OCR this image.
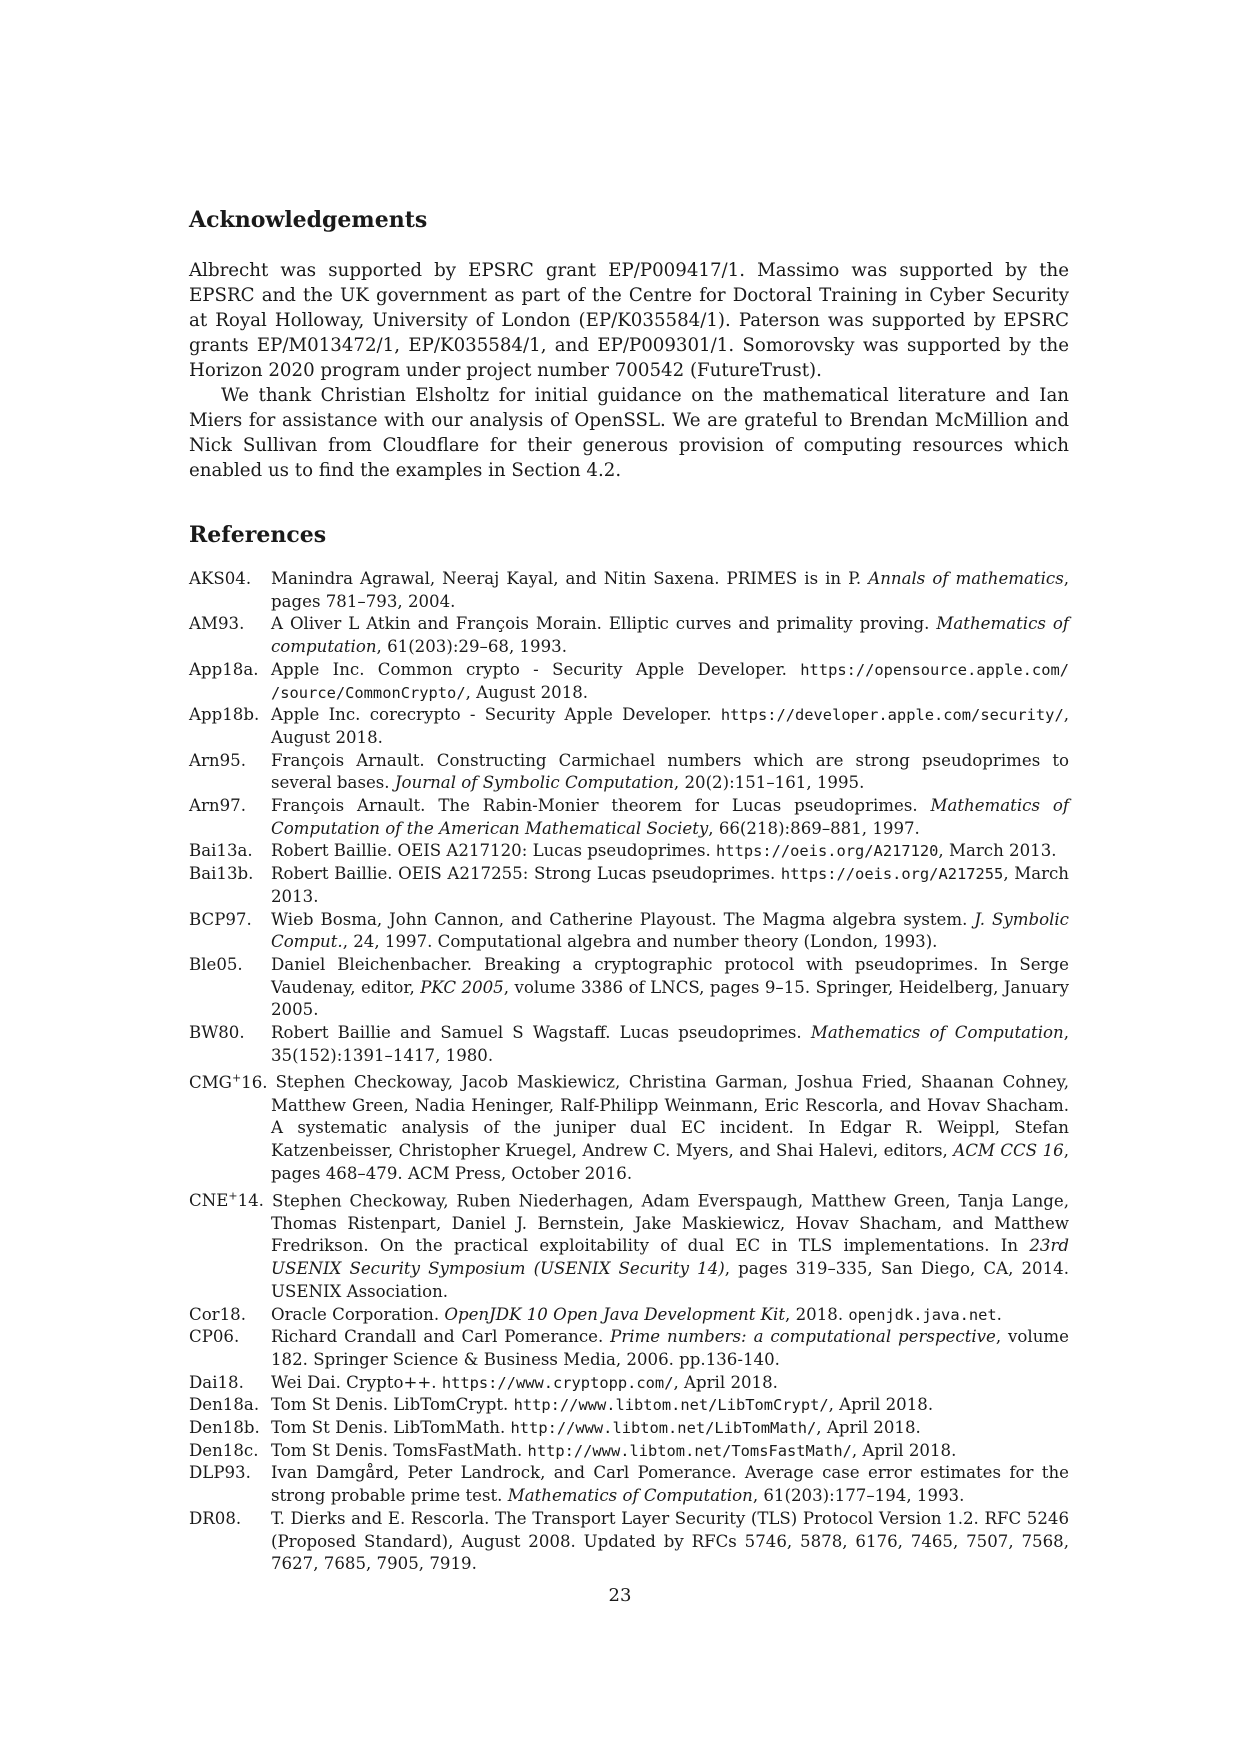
Acknowledgements

Albrecht was supported by EPSRC grant EP/P009417/1. Massimo was supported by the EPSRC and the UK government as part of the Centre for Doctoral Training in Cyber Security at Royal Holloway, University of London (EP/K035584/1). Paterson was supported by EPSRC grants EP/M013472/1, EP/K035584/1, and EP/P009301/1. Somorovsky was supported by the Horizon 2020 program under project number 700542 (FutureTrust).

We thank Christian Elsholtz for initial guidance on the mathematical literature and Ian Miers for assistance with our analysis of OpenSSL. We are grateful to Brendan McMillion and Nick Sullivan from Cloudflare for their generous provision of computing resources which enabled us to find the examples in Section 4.2.

References
AKS04.	Manindra Agrawal, Neeraj Kayal, and Nitin Saxena. PRIMES is in P. Annals of mathematics, pages 781–793, 2004.
AM93.	A Oliver L Atkin and François Morain. Elliptic curves and primality proving. Mathematics of computation, 61(203):29–68, 1993.
App18a. Apple Inc. Common crypto - Security Apple Developer. https://opensource.apple.com/ /source/CommonCrypto/, August 2018.
App18b. Apple Inc. corecrypto - Security Apple Developer. https://developer.apple.com/security/, August 2018.
Arn95.	François Arnault. Constructing Carmichael numbers which are strong pseudoprimes to several bases. Journal of Symbolic Computation, 20(2):151–161, 1995.
Arn97.	François Arnault. The Rabin-Monier theorem for Lucas pseudoprimes. Mathematics of Computation of the American Mathematical Society, 66(218):869–881, 1997.
Bai13a.	Robert Baillie. OEIS A217120: Lucas pseudoprimes. https://oeis.org/A217120, March 2013.
Bai13b.	Robert Baillie. OEIS A217255: Strong Lucas pseudoprimes. https://oeis.org/A217255, March 2013.
BCP97.	Wieb Bosma, John Cannon, and Catherine Playoust. The Magma algebra system. J. Symbolic Comput., 24, 1997. Computational algebra and number theory (London, 1993).
Ble05.	Daniel Bleichenbacher. Breaking a cryptographic protocol with pseudoprimes. In Serge Vaudenay, editor, PKC 2005, volume 3386 of LNCS, pages 9–15. Springer, Heidelberg, January 2005.
BW80.	Robert Baillie and Samuel S Wagstaff. Lucas pseudoprimes. Mathematics of Computation, 35(152):1391–1417, 1980.
CMG+16. Stephen Checkoway, Jacob Maskiewicz, Christina Garman, Joshua Fried, Shaanan Cohney, Matthew Green, Nadia Heninger, Ralf-Philipp Weinmann, Eric Rescorla, and Hovav Shacham. A systematic analysis of the juniper dual EC incident. In Edgar R. Weippl, Stefan Katzenbeisser, Christopher Kruegel, Andrew C. Myers, and Shai Halevi, editors, ACM CCS 16, pages 468–479. ACM Press, October 2016.
CNE+14. Stephen Checkoway, Ruben Niederhagen, Adam Everspaugh, Matthew Green, Tanja Lange, Thomas Ristenpart, Daniel J. Bernstein, Jake Maskiewicz, Hovav Shacham, and Matthew Fredrikson. On the practical exploitability of dual EC in TLS implementations. In 23rd USENIX Security Symposium (USENIX Security 14), pages 319–335, San Diego, CA, 2014. USENIX Association.
Cor18.	Oracle Corporation. OpenJDK 10 Open Java Development Kit, 2018. openjdk.java.net.
CP06.	Richard Crandall and Carl Pomerance. Prime numbers: a computational perspective, volume 182. Springer Science & Business Media, 2006. pp.136-140.
Dai18.	Wei Dai. Crypto++. https://www.cryptopp.com/, April 2018.
Den18a. Tom St Denis. LibTomCrypt. http://www.libtom.net/LibTomCrypt/, April 2018.
Den18b. Tom St Denis. LibTomMath. http://www.libtom.net/LibTomMath/, April 2018.
Den18c. Tom St Denis. TomsFastMath. http://www.libtom.net/TomsFastMath/, April 2018.
DLP93.	Ivan Damgård, Peter Landrock, and Carl Pomerance. Average case error estimates for the strong probable prime test. Mathematics of Computation, 61(203):177–194, 1993.
DR08.	T. Dierks and E. Rescorla. The Transport Layer Security (TLS) Protocol Version 1.2. RFC 5246 (Proposed Standard), August 2008. Updated by RFCs 5746, 5878, 6176, 7465, 7507, 7568, 7627, 7685, 7905, 7919.
23
